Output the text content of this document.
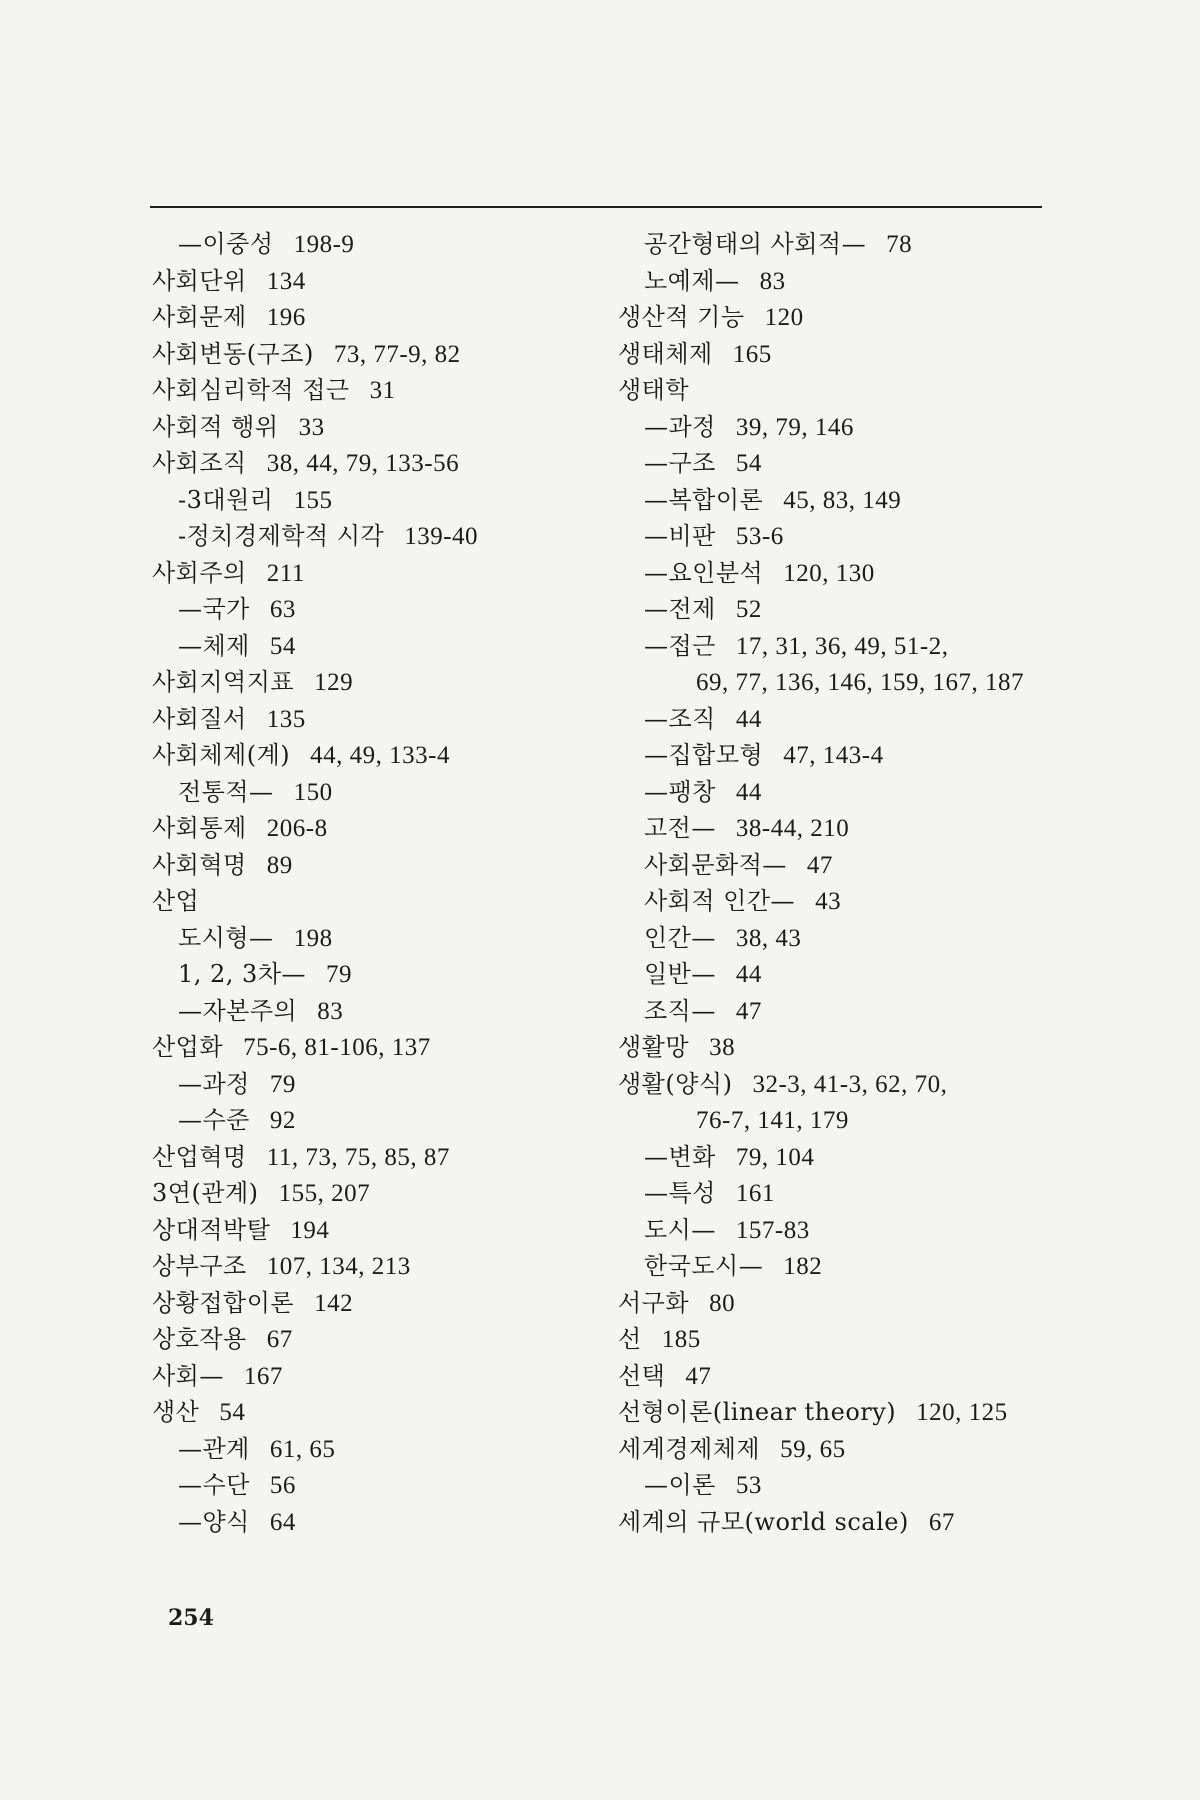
—이중성 198-9
사회단위 134
사회문제 196
사회변동(구조) 73, 77-9, 82
사회심리학적 접근 31
사회적 행위 33
사회조직 38, 44, 79, 133-56
-3대원리 155
-정치경제학적 시각 139-40
사회주의 211
—국가 63
—체제 54
사회지역지표 129
사회질서 135
사회체제(계) 44, 49, 133-4
전통적— 150
사회통제 206-8
사회혁명 89
산업
도시형— 198
1, 2, 3차— 79
—자본주의 83
산업화 75-6, 81-106, 137
—과정 79
—수준 92
산업혁명 11, 73, 75, 85, 87
3연(관계) 155, 207
상대적박탈 194
상부구조 107, 134, 213
상황접합이론 142
상호작용 67
사회— 167
생산 54
—관계 61, 65
—수단 56
—양식 64
공간형태의 사회적— 78
노예제— 83
생산적 기능 120
생태체제 165
생태학
—과정 39, 79, 146
—구조 54
—복합이론 45, 83, 149
—비판 53-6
—요인분석 120, 130
—전제 52
—접근 17, 31, 36, 49, 51-2,
69, 77, 136, 146, 159, 167, 187
—조직 44
—집합모형 47, 143-4
—팽창 44
고전— 38-44, 210
사회문화적— 47
사회적 인간— 43
인간— 38, 43
일반— 44
조직— 47
생활망 38
생활(양식) 32-3, 41-3, 62, 70,
76-7, 141, 179
—변화 79, 104
—특성 161
도시— 157-83
한국도시— 182
서구화 80
선 185
선택 47
선형이론(linear theory) 120, 125
세계경제체제 59, 65
—이론 53
세계의 규모(world scale) 67
254
